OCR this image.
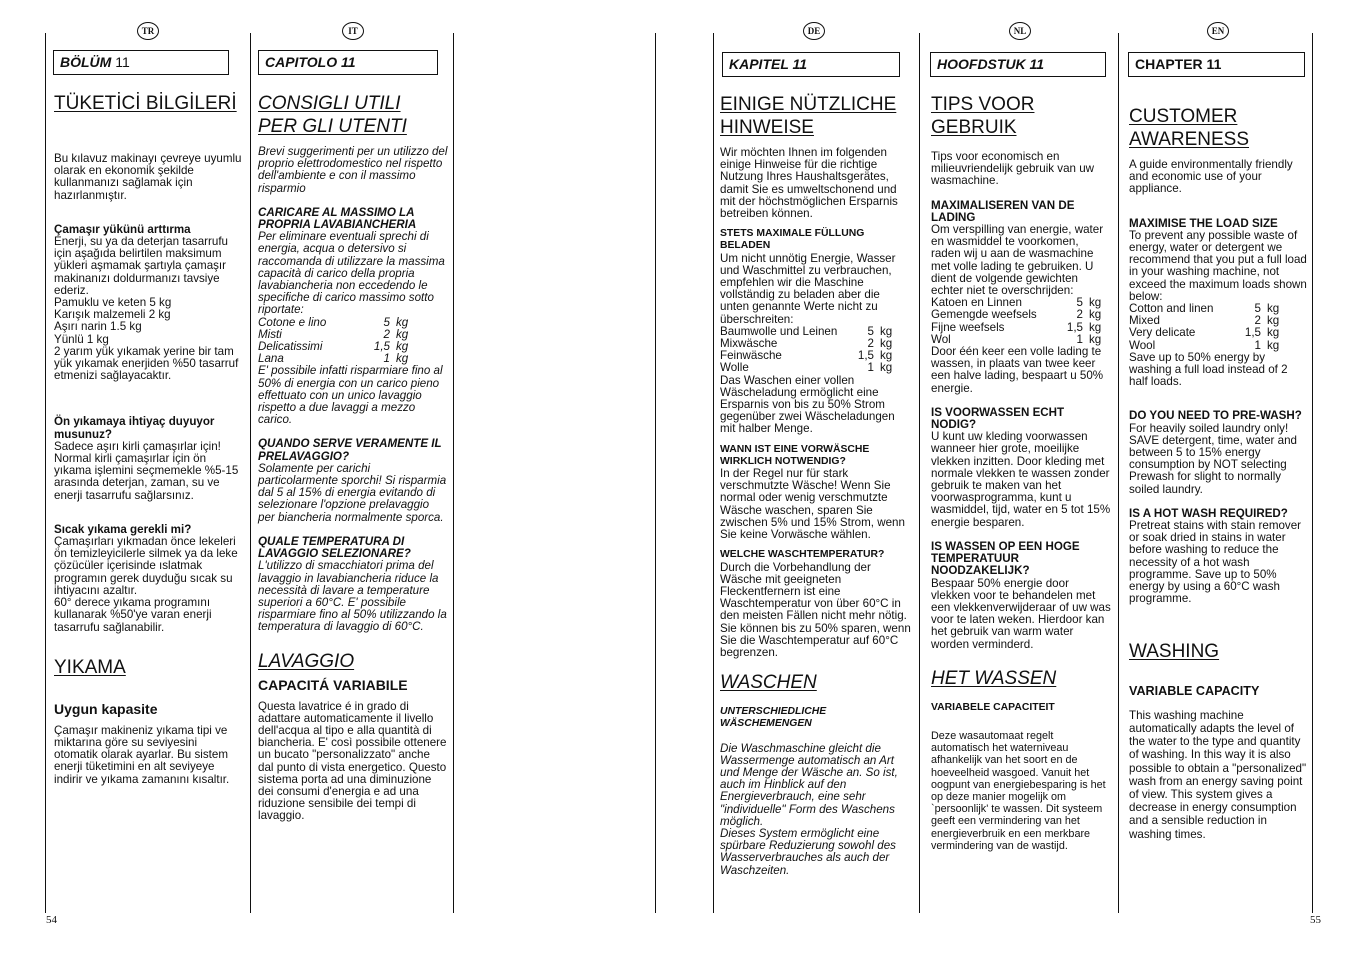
TR	IT	DE	NL	EN
BÖLÜM 11	CAPITOLO 11	KAPITEL 11	HOOFDSTUK 11	CHAPTER 11
TÜKETİCİ BİLGİLERİ

Bu kılavuz makinayı çevreye uyumlu olarak en ekonomik şekilde kullanmanızı sağlamak için hazırlanmıştır.

Çamaşır yükünü arttırma

Enerji, su ya da deterjan tasarrufu için aşağıda belirtilen maksimum yükleri aşmamak şartıyla çamaşır makinanızı doldurmanızı tavsiye ederiz.

Pamuklu ve keten 5 kg

Karışık malzemeli 2 kg

Aşırı narin 1.5 kg

Yünlü 1 kg

2 yarım yük yıkamak yerine bir tam yük yıkamak enerjiden %50 tasarruf etmenizi sağlayacaktır.

Ön yıkamaya ihtiyaç duyuyor musunuz?

Sadece aşırı kirli çamaşırlar için! Normal kirli çamaşırlar için ön yıkama işlemini seçmemekle %5-15 arasında deterjan, zaman, su ve enerji tasarrufu sağlarsınız.

Sıcak yıkama gerekli mi?

Çamaşırları yıkmadan önce lekeleri ön temizleyicilerle silmek ya da leke çözücüler içerisinde ıslatmak programın gerek duyduğu sıcak su ihtiyacını azaltır.

60° derece yıkama programını kullanarak %50'ye varan enerji tasarrufu sağlanabilir.

YIKAMA

Uygun kapasite

Çamaşır makineniz yıkama tipi ve miktarına göre su seviyesini otomatik olarak ayarlar. Bu sistem enerji tüketimini en alt seviyeye indirir ve yıkama zamanını kısaltır.

CONSIGLI UTILI
PER GLI UTENTI

Brevi suggerimenti per un utilizzo del proprio elettrodomestico nel rispetto dell'ambiente e con il massimo risparmio

CARICARE AL MASSIMO LA PROPRIA LAVABIANCHERIA

Per eliminare eventuali sprechi di energia, acqua o detersivo si raccomanda di utilizzare la massima capacità di carico della propria lavabiancheria non eccedendo le specifiche di carico massimo sotto riportate:

Cotone e lino	5 kg
Misti	2 kg
Delicatissimi	1,5 kg
Lana	1 kg

E' possibile infatti risparmiare fino al 50% di energia con un carico pieno effettuato con un unico lavaggio rispetto a due lavaggi a mezzo carico.

QUANDO SERVE VERAMENTE IL PRELAVAGGIO?

Solamente per carichi particolarmente sporchi! Si risparmia dal 5 al 15% di energia evitando di selezionare l'opzione prelavaggio per biancheria normalmente sporca.

QUALE TEMPERATURA DI LAVAGGIO SELEZIONARE?

L'utilizzo di smacchiatori prima del lavaggio in lavabiancheria riduce la necessità di lavare a temperature superiori a 60°C. E' possibile risparmiare fino al 50% utilizzando la temperatura di lavaggio di 60°C.

LAVAGGIO

CAPACITÁ VARIABILE

Questa lavatrice é in grado di adattare automaticamente il livello dell'acqua al tipo e alla quantità di biancheria. E' così possibile ottenere un bucato "personalizzato" anche dal punto di vista energetico. Questo sistema porta ad una diminuzione dei consumi d'energia e ad una riduzione sensibile dei tempi di lavaggio.

EINIGE NÜTZLICHE
HINWEISE

Wir möchten Ihnen im folgenden einige Hinweise für die richtige Nutzung Ihres Haushaltsgerätes, damit Sie es umweltschonend und mit der höchstmöglichen Ersparnis betreiben können.

STETS MAXIMALE FÜLLUNG BELADEN

Um nicht unnötig Energie, Wasser und Waschmittel zu verbrauchen, empfehlen wir die Maschine vollständig zu beladen aber die unten genannte Werte nicht zu überschreiten:

Baumwolle und Leinen	5 kg
Mixwäsche	2 kg
Feinwäsche	1,5 kg
Wolle	1 kg

Das Waschen einer vollen Wäscheladung ermöglicht eine Ersparnis von bis zu 50% Strom gegenüber zwei Wäscheladungen mit halber Menge.

WANN IST EINE VORWÄSCHE WIRKLICH NOTWENDIG?

In der Regel nur für stark verschmutzte Wäsche! Wenn Sie normal oder wenig verschmutzte Wäsche waschen, sparen Sie zwischen 5% und 15% Strom, wenn Sie keine Vorwäsche wählen.

WELCHE WASCHTEMPERATUR?

Durch die Vorbehandlung der Wäsche mit geeigneten Fleckentfernern ist eine Waschtemperatur von über 60°C in den meisten Fällen nicht mehr nötig. Sie können bis zu 50% sparen, wenn Sie die Waschtemperatur auf 60°C begrenzen.

WASCHEN

UNTERSCHIEDLICHE WÄSCHEMENGEN

Die Waschmaschine gleicht die Wassermenge automatisch an Art und Menge der Wäsche an. So ist, auch im Hinblick auf den Energieverbrauch, eine sehr "individuelle" Form des Waschens möglich.

Dieses System ermöglicht eine spürbare Reduzierung sowohl des Wasserverbrauches als auch der Waschzeiten.

TIPS VOOR
GEBRUIK

Tips voor economisch en milieuvriendelijk gebruik van uw wasmachine.

MAXIMALISEREN VAN DE LADING

Om verspilling van energie, water en wasmiddel te voorkomen, raden wij u aan de wasmachine met volle lading te gebruiken. U dient de volgende gewichten echter niet te overschrijden:

Katoen en Linnen	5 kg
Gemengde weefsels	2 kg
Fijne weefsels	1,5 kg
Wol	1 kg

Door één keer een volle lading te wassen, in plaats van twee keer een halve lading, bespaart u 50% energie.

IS VOORWASSEN ECHT NODIG?

U kunt uw kleding voorwassen wanneer hier grote, moeilijke vlekken inzitten. Door kleding met normale vlekken te wassen zonder gebruik te maken van het voorwasprogramma, kunt u wasmiddel, tijd, water en 5 tot 15% energie besparen.

IS WASSEN OP EEN HOGE TEMPERATUUR NOODZAKELIJK?

Bespaar 50% energie door vlekken voor te behandelen met een vlekkenverwijderaar of uw was voor te laten weken. Hierdoor kan het gebruik van warm water worden verminderd.

HET WASSEN

VARIABELE CAPACITEIT

Deze wasautomaat regelt automatisch het waterniveau afhankelijk van het soort en de hoeveelheid wasgoed. Vanuit het oogpunt van energiebesparing is het op deze manier mogelijk om `persoonlijk' te wassen. Dit systeem geeft een vermindering van het energieverbruik en een merkbare vermindering van de wastijd.

CUSTOMER
AWARENESS

A guide environmentally friendly and economic use of your appliance.

MAXIMISE THE LOAD SIZE

To prevent any possible waste of energy, water or detergent we recommend that you put a full load in your washing machine, not exceed the maximum loads shown below:

Cotton and linen	5 kg
Mixed	2 kg
Very delicate	1,5 kg
Wool	1 kg

Save up to 50% energy by washing a full load instead of 2 half loads.

DO YOU NEED TO PRE-WASH?

For heavily soiled laundry only! SAVE detergent, time, water and between 5 to 15% energy consumption by NOT selecting Prewash for slight to normally soiled laundry.

IS A HOT WASH REQUIRED?

Pretreat stains with stain remover or soak dried in stains in water before washing to reduce the necessity of a hot wash programme. Save up to 50% energy by using a 60°C wash programme.

WASHING

VARIABLE CAPACITY

This washing machine automatically adapts the level of the water to the type and quantity of washing. In this way it is also possible to obtain a "personalized" wash from an energy saving point of view. This system gives a decrease in energy consumption and a sensible reduction in washing times.

54	55
